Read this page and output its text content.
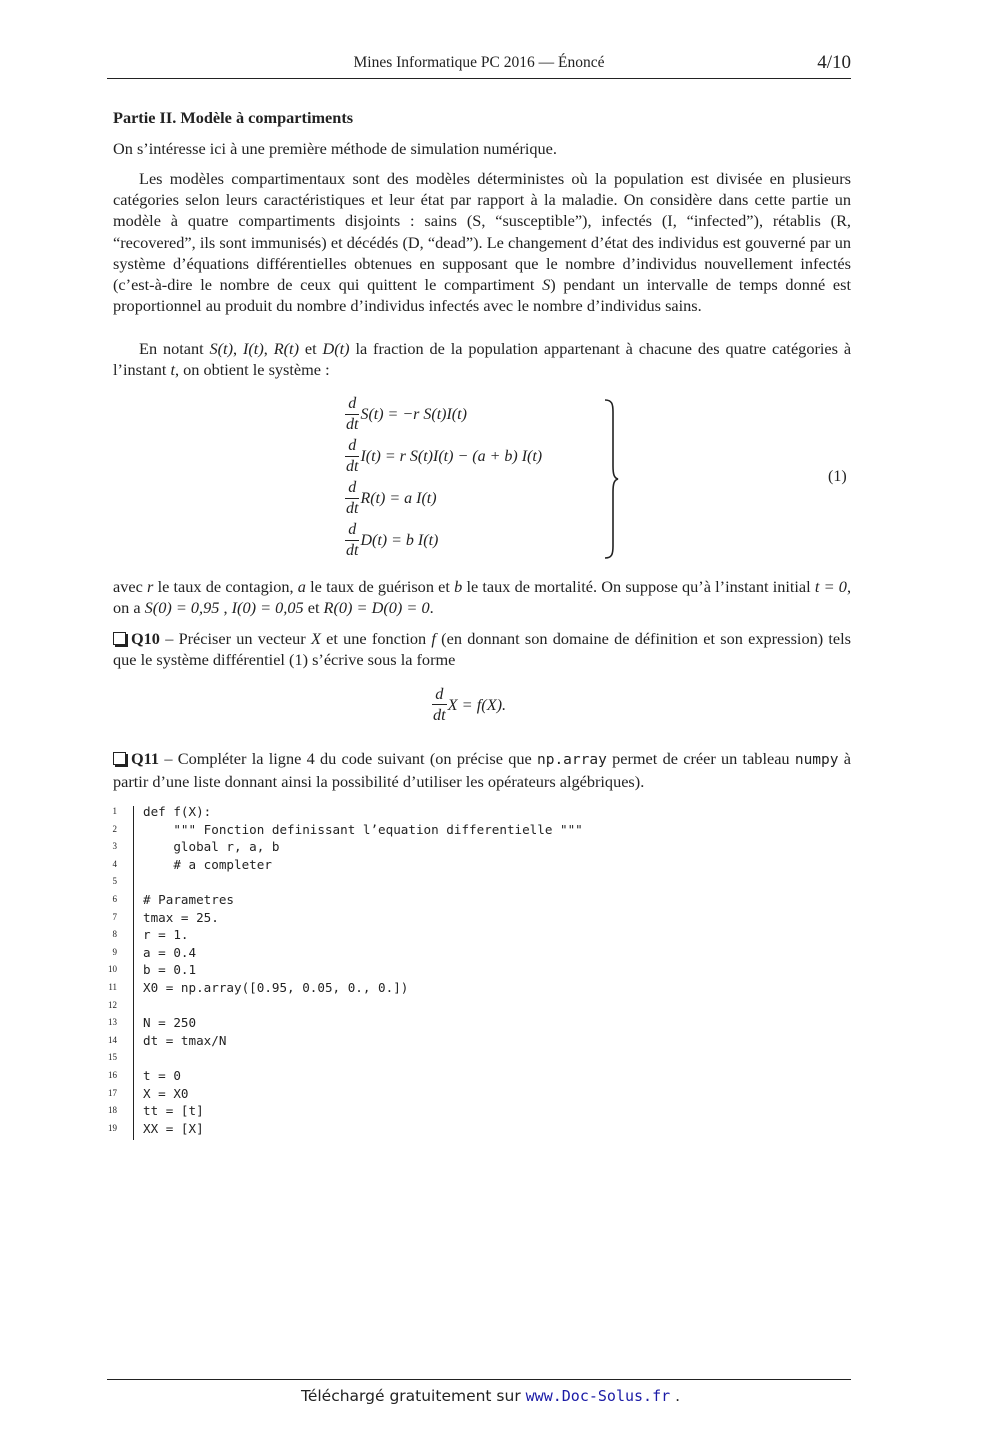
Mines Informatique PC 2016 — Énoncé	4/10
Partie II. Modèle à compartiments

On s’intéresse ici à une première méthode de simulation numérique.

Les modèles compartimentaux sont des modèles déterministes où la population est divisée en plusieurs catégories selon leurs caractéristiques et leur état par rapport à la maladie. On considère dans cette partie un modèle à quatre compartiments disjoints : sains (S, “susceptible”), infectés (I, “infected”), rétablis (R, “recovered”, ils sont immunisés) et décédés (D, “dead”). Le changement d’état des individus est gouverné par un système d’équations différentielles obtenues en supposant que le nombre d’individus nouvellement infectés (c’est-à-dire le nombre de ceux qui quittent le compartiment S) pendant un intervalle de temps donné est proportionnel au produit du nombre d’individus infectés avec le nombre d’individus sains.

En notant S(t), I(t), R(t) et D(t) la fraction de la population appartenant à chacune des quatre catégories à l’instant t, on obtient le système :

$\frac{d}{dt} S(t) = -r$ S(t)I(t)
$\frac{d}{dt} I(t) = r$ S(t)I(t) − (a + b) I(t)
$\frac{d}{dt} R(t) = a$ I(t)
$\frac{d}{dt} D(t) = b$ I(t)
(1)

avec r le taux de contagion, a le taux de guérison et b le taux de mortalité. On suppose qu’à l’instant initial t = 0, on a S(0) = 0,95 , I(0) = 0,05 et R(0) = D(0) = 0.

Q10 – Préciser un vecteur X et une fonction f (en donnant son domaine de définition et son expression) tels que le système différentiel (1) s’écrive sous la forme

$\frac{d}{dt}$ X = f(X).

Q11 – Compléter la ligne 4 du code suivant (on précise que np.array permet de créer un tableau numpy à partir d’une liste donnant ainsi la possibilité d’utiliser les opérateurs algébriques).

1 def f(X):
2 """ Fonction definissant l’equation differentielle """
3 global r, a, b
4 # a completer
5
6 # Parametres
7 tmax = 25.
8 r = 1.
9 a = 0.4
10 b = 0.1
11 X0 = np.array([0.95, 0.05, 0., 0.])
12
13 N = 250
14 dt = tmax/N
15
16 t = 0
17 X = X0
18 tt = [t]
19 XX = [X]
Téléchargé gratuitement sur www.Doc-Solus.fr .
